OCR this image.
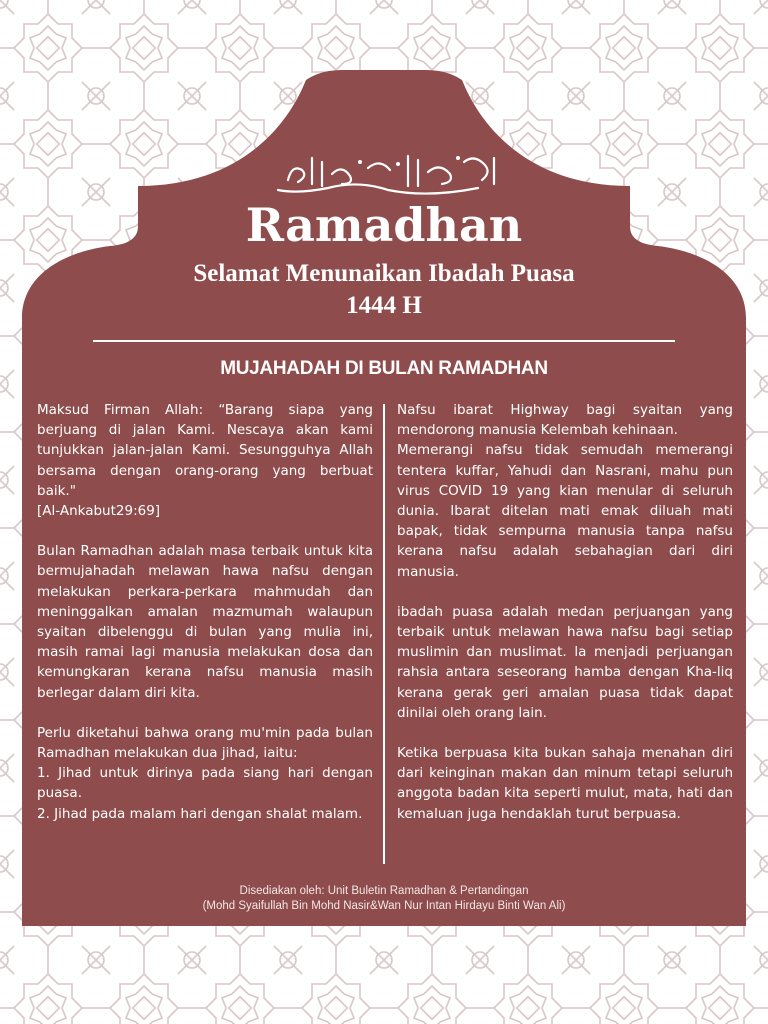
Ramadhan
Selamat Menunaikan Ibadah Puasa
1444 H
MUJAHADAH DI BULAN RAMADHAN

Maksud Firman Allah: “Barang siapa yang berjuang di jalan Kami. Nescaya akan kami tunjukkan jalan-jalan Kami. Sesungguhya Allah bersama dengan orang-orang yang berbuat baik."

[Al-Ankabut29:69]

Bulan Ramadhan adalah masa terbaik untuk kita bermujahadah melawan hawa nafsu dengan melakukan perkara-perkara mahmudah dan meninggalkan amalan mazmumah walaupun syaitan dibelenggu di bulan yang mulia ini, masih ramai lagi manusia melakukan dosa dan kemungkaran kerana nafsu manusia masih berlegar dalam diri kita.

Perlu diketahui bahwa orang mu'min pada bulan Ramadhan melakukan dua jihad, iaitu:

1. Jihad untuk dirinya pada siang hari dengan puasa.

2. Jihad pada malam hari dengan shalat malam.

Nafsu ibarat Highway bagi syaitan yang mendorong manusia Kelembah kehinaan.

Memerangi nafsu tidak semudah memerangi tentera kuffar, Yahudi dan Nasrani, mahu pun virus COVID 19 yang kian menular di seluruh dunia. Ibarat ditelan mati emak diluah mati bapak, tidak sempurna manusia tanpa nafsu kerana nafsu adalah sebahagian dari diri manusia.

ibadah puasa adalah medan perjuangan yang terbaik untuk melawan hawa nafsu bagi setiap muslimin dan muslimat. la menjadi perjuangan rahsia antara seseorang hamba dengan Kha-liq kerana gerak geri amalan puasa tidak dapat dinilai oleh orang lain.

Ketika berpuasa kita bukan sahaja menahan diri dari keinginan makan dan minum tetapi seluruh anggota badan kita seperti mulut, mata, hati dan kemaluan juga hendaklah turut berpuasa.

Disediakan oleh: Unit Buletin Ramadhan & Pertandingan
(Mohd Syaifullah Bin Mohd Nasir&Wan Nur Intan Hirdayu Binti Wan Ali)
